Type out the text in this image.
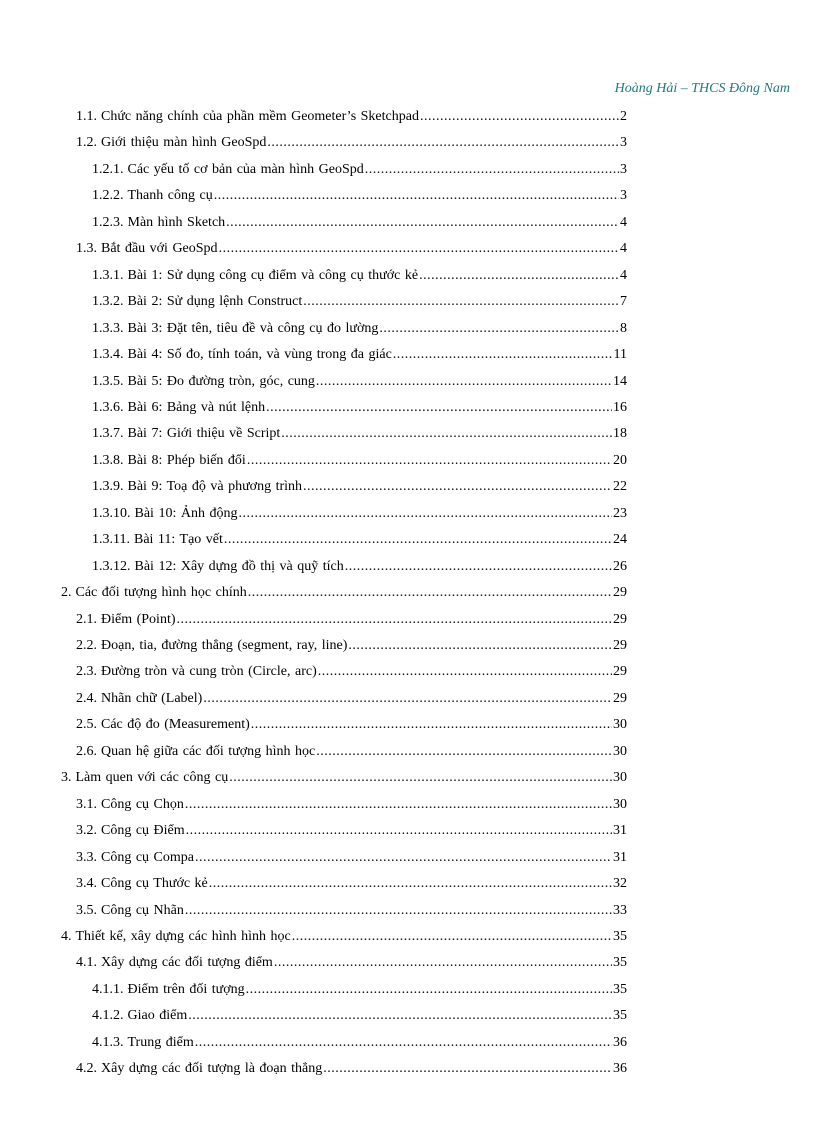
Hoàng Hải – THCS Đông Nam
1.1. Chức năng chính của phần mềm Geometer’s Sketchpad .....	2
1.2. Giới thiệu màn hình GeoSpd .....	3
1.2.1. Các yếu tố cơ bản của màn hình GeoSpd .....	3
1.2.2. Thanh công cụ .....	3
1.2.3. Màn hình Sketch .....	4
1.3. Bắt đầu với GeoSpd .....	4
1.3.1. Bài 1: Sử dụng công cụ điểm và công cụ thước kẻ .....	4
1.3.2. Bài 2: Sử dụng lệnh Construct .....	7
1.3.3. Bài 3: Đặt tên, tiêu đề và công cụ đo lường .....	8
1.3.4. Bài 4: Số đo, tính toán, và vùng trong đa giác .....	11
1.3.5. Bài 5: Đo đường tròn, góc, cung .....	14
1.3.6. Bài 6: Bảng và nút lệnh .....	16
1.3.7. Bài 7: Giới thiệu về Script .....	18
1.3.8. Bài 8: Phép biến đổi .....	20
1.3.9. Bài 9: Toạ độ và phương trình .....	22
1.3.10. Bài 10: Ảnh động .....	23
1.3.11. Bài 11: Tạo vết .....	24
1.3.12. Bài 12: Xây dựng đồ thị và quỹ tích .....	26
2. Các đối tượng hình học chính .....	29
2.1. Điểm (Point) .....	29
2.2. Đoạn, tia, đường thẳng (segment, ray, line) .....	29
2.3. Đường tròn và cung tròn (Circle, arc) .....	29
2.4. Nhãn chữ (Label) .....	29
2.5. Các độ đo (Measurement) .....	30
2.6. Quan hệ giữa các đối tượng hình học .....	30
3. Làm quen với các công cụ .....	30
3.1. Công cụ Chọn .....	30
3.2. Công cụ Điểm .....	31
3.3. Công cụ Compa .....	31
3.4. Công cụ Thước kẻ .....	32
3.5. Công cụ Nhãn .....	33
4. Thiết kế, xây dựng các hình hình học .....	35
4.1. Xây dựng các đối tượng điểm .....	35
4.1.1. Điểm trên đối tượng .....	35
4.1.2. Giao điểm .....	35
4.1.3. Trung điểm .....	36
4.2. Xây dựng các đối tượng là đoạn thẳng .....	36
